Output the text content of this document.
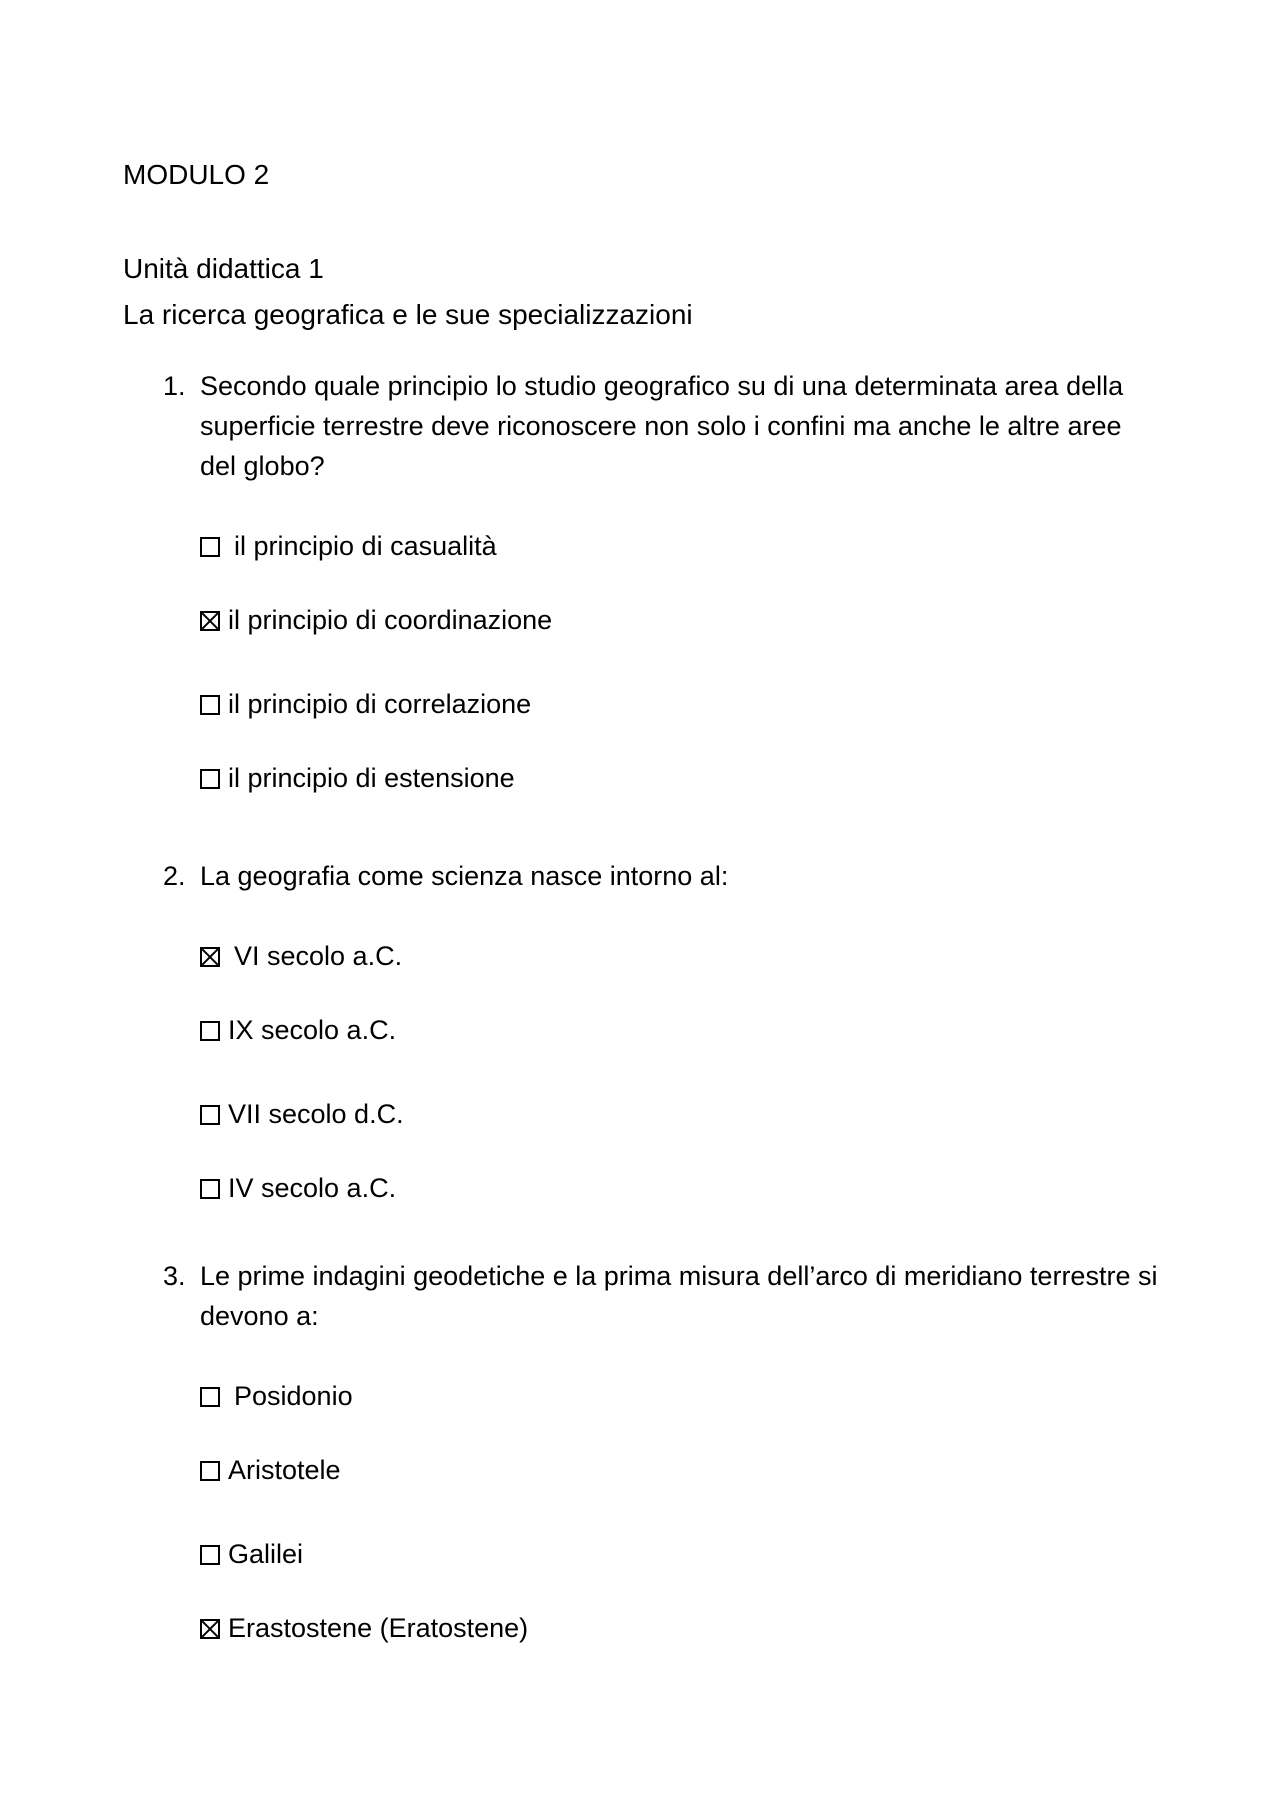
MODULO 2
Unità didattica 1
La ricerca geografica e le sue specializzazioni
1. Secondo quale principio lo studio geografico su di una determinata area della superficie terrestre deve riconoscere non solo i confini ma anche le altre aree del globo?
il principio di casualità
il principio di coordinazione
il principio di correlazione
il principio di estensione
2. La geografia come scienza nasce intorno al:
VI secolo a.C.
IX secolo a.C.
VII secolo d.C.
IV secolo a.C.
3. Le prime indagini geodetiche e la prima misura dell’arco di meridiano terrestre si devono a:
Posidonio
Aristotele
Galilei
Erastostene (Eratostene)
